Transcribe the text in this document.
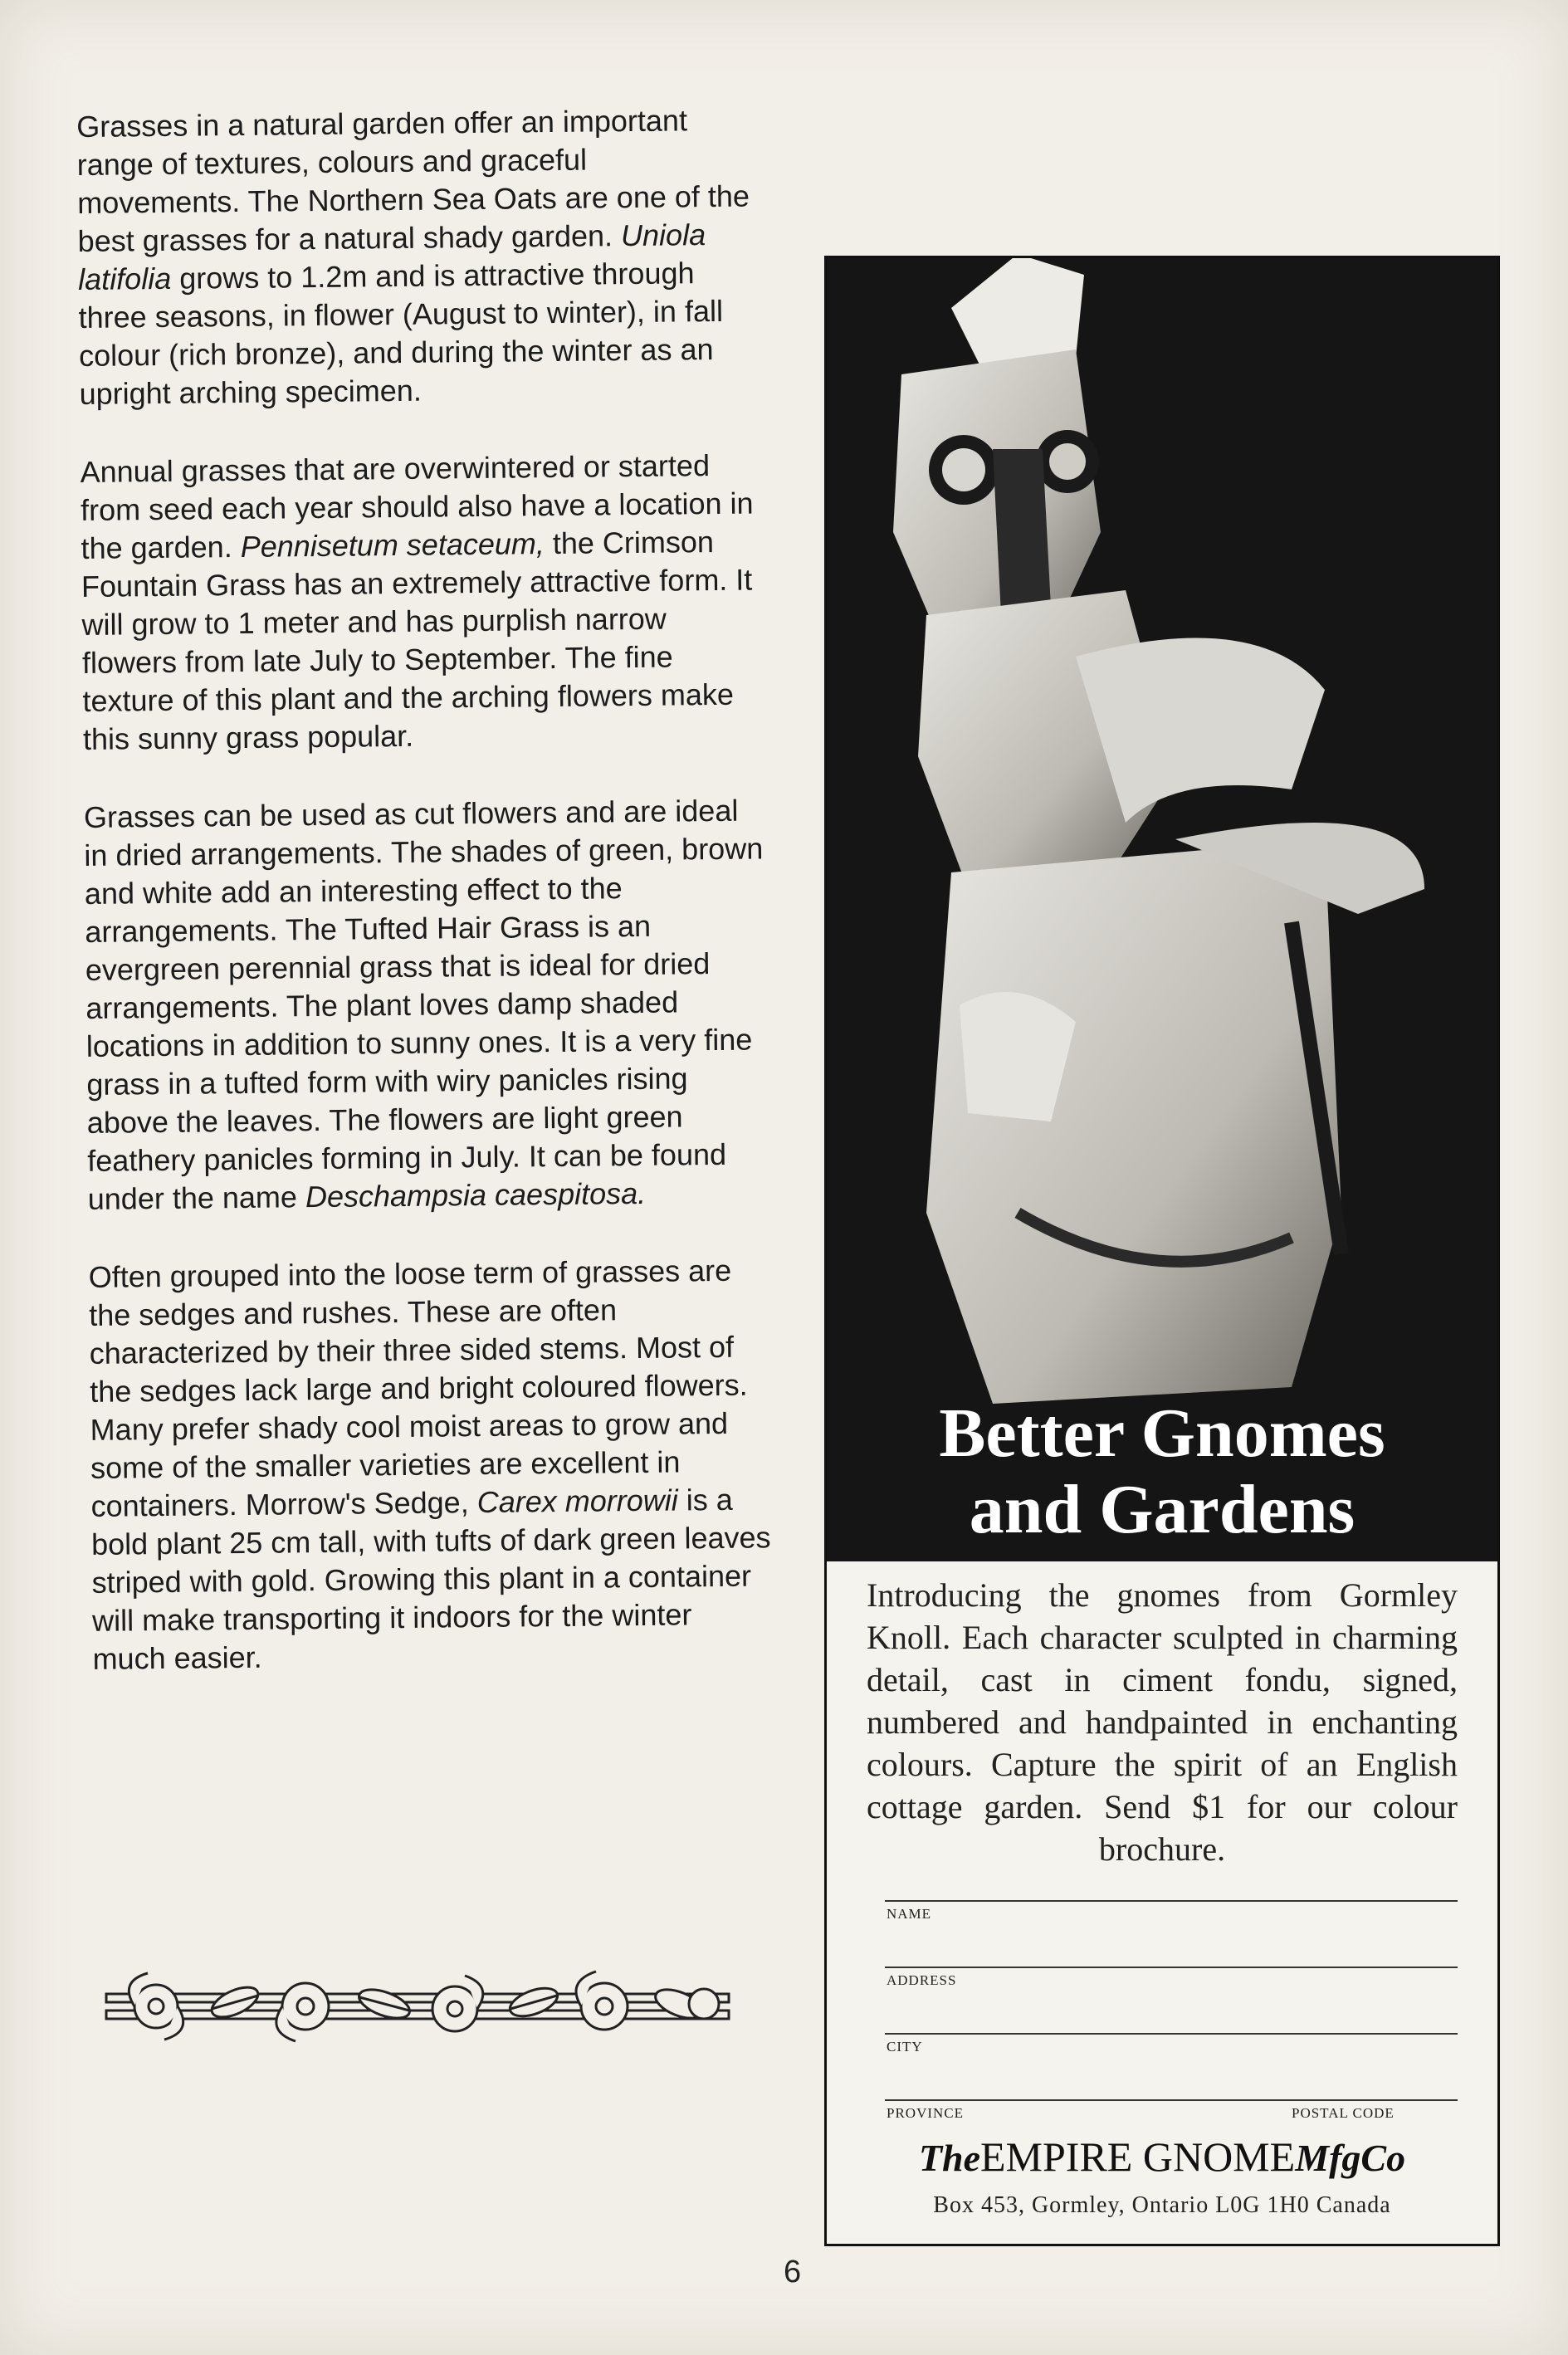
Grasses in a natural garden offer an important range of textures, colours and graceful movements. The Northern Sea Oats are one of the best grasses for a natural shady garden. Uniola latifolia grows to 1.2m and is attractive through three seasons, in flower (August to winter), in fall colour (rich bronze), and during the winter as an upright arching specimen.

Annual grasses that are overwintered or started from seed each year should also have a location in the garden. Pennisetum setaceum, the Crimson Fountain Grass has an extremely attractive form. It will grow to 1 meter and has purplish narrow flowers from late July to September. The fine texture of this plant and the arching flowers make this sunny grass popular.

Grasses can be used as cut flowers and are ideal in dried arrangements. The shades of green, brown and white add an interesting effect to the arrangements. The Tufted Hair Grass is an evergreen perennial grass that is ideal for dried arrangements. The plant loves damp shaded locations in addition to sunny ones. It is a very fine grass in a tufted form with wiry panicles rising above the leaves. The flowers are light green feathery panicles forming in July. It can be found under the name Deschampsia caespitosa.

Often grouped into the loose term of grasses are the sedges and rushes. These are often characterized by their three sided stems. Most of the sedges lack large and bright coloured flowers. Many prefer shady cool moist areas to grow and some of the smaller varieties are excellent in containers. Morrow's Sedge, Carex morrowii is a bold plant 25 cm tall, with tufts of dark green leaves striped with gold. Growing this plant in a container will make transporting it indoors for the winter much easier.

Better Gnomes
and Gardens
Introducing the gnomes from Gormley Knoll. Each character sculpted in charming detail, cast in ciment fondu, signed, numbered and handpainted in enchanting colours. Capture the spirit of an English cottage garden. Send $1 for our colour brochure.
NAME
ADDRESS
CITY
PROVINCE	POSTAL CODE
TheEMPIRE GNOMEMfgCo
Box 453, Gormley, Ontario L0G 1H0 Canada
6
